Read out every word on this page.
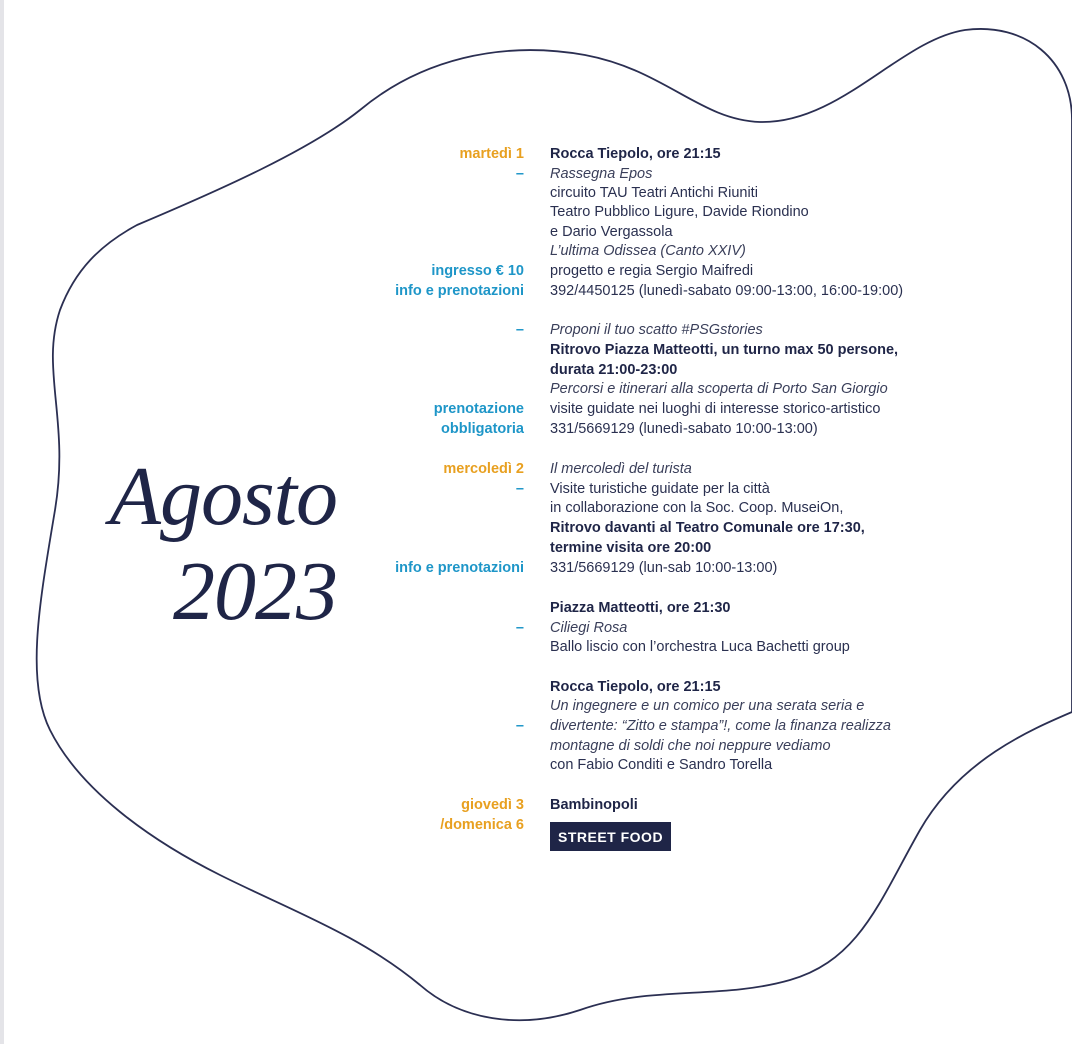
Agosto
2023
martedì 1 Rocca Tiepolo, ore 21:15
– Rassegna Epos
circuito TAU Teatri Antichi Riuniti
Teatro Pubblico Ligure, Davide Riondino
e Dario Vergassola
L’ultima Odissea (Canto XXIV)
ingresso € 10 progetto e regia Sergio Maifredi
info e prenotazioni 392/4450125 (lunedì-sabato 09:00-13:00, 16:00-19:00)
– Proponi il tuo scatto #PSGstories
Ritrovo Piazza Matteotti, un turno max 50 persone,
durata 21:00-23:00
Percorsi e itinerari alla scoperta di Porto San Giorgio
prenotazione visite guidate nei luoghi di interesse storico-artistico
obbligatoria 331/5669129 (lunedì-sabato 10:00-13:00)
mercoledì 2 Il mercoledì del turista
– Visite turistiche guidate per la città
in collaborazione con la Soc. Coop. MuseiOn,
Ritrovo davanti al Teatro Comunale ore 17:30,
termine visita ore 20:00
info e prenotazioni 331/5669129 (lun-sab 10:00-13:00)
Piazza Matteotti, ore 21:30
– Ciliegi Rosa
Ballo liscio con l’orchestra Luca Bachetti group
Rocca Tiepolo, ore 21:15
Un ingegnere e un comico per una serata seria e
– divertente: “Zitto e stampa”!, come la finanza realizza
montagne di soldi che noi neppure vediamo
con Fabio Conditi e Sandro Torella
giovedì 3 Bambinopoli
/domenica 6
STREET FOOD
